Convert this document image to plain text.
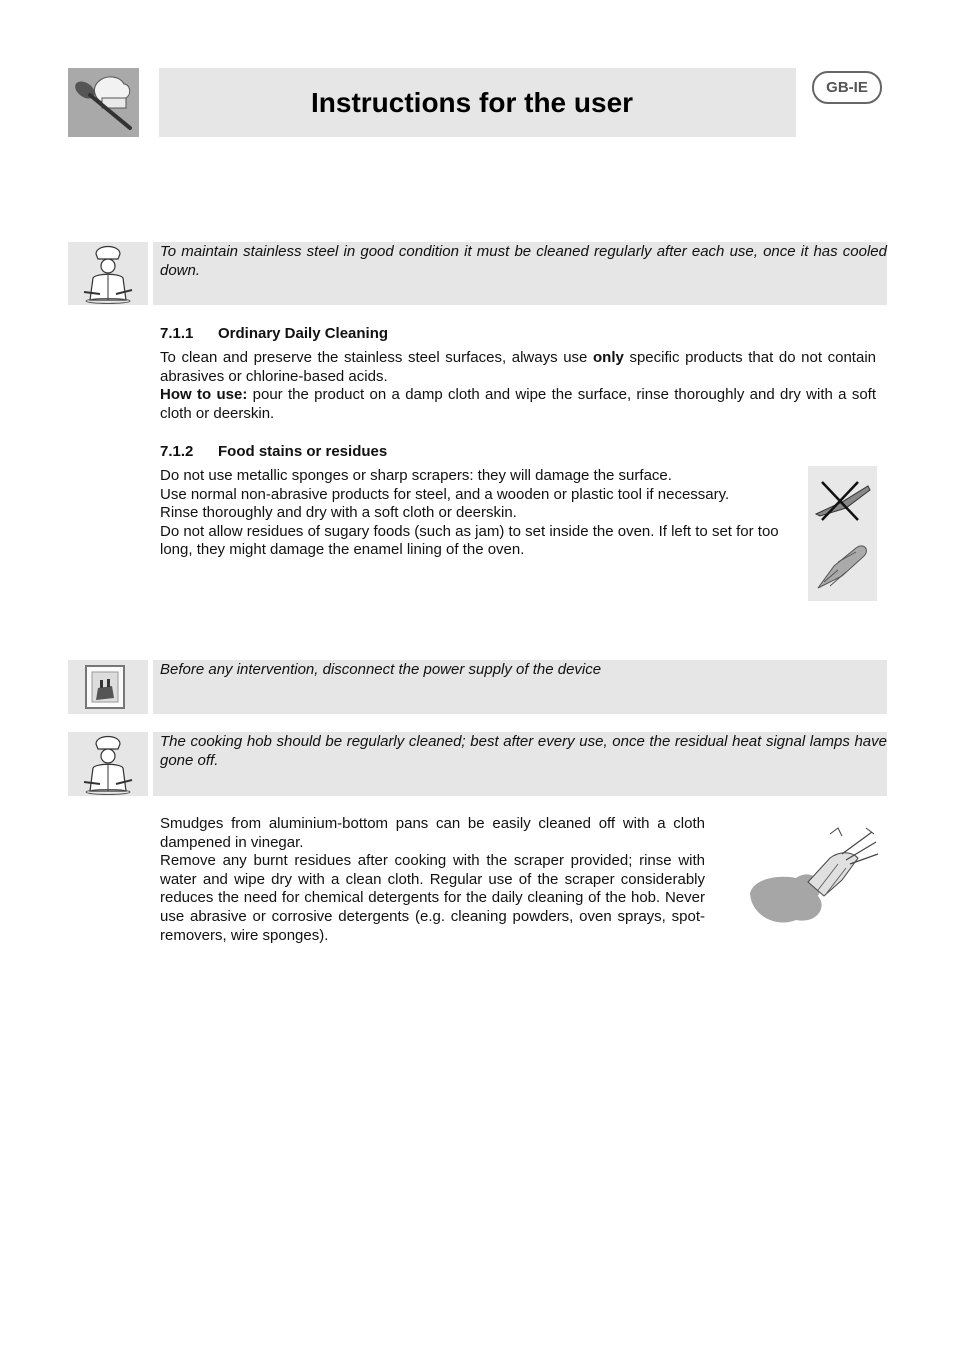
Instructions for the user	GB-IE

To maintain stainless steel in good condition it must be cleaned regularly after each use, once it has cooled down.

7.1.1 Ordinary Daily Cleaning

To clean and preserve the stainless steel surfaces, always use only specific products that do not contain abrasives or chlorine-based acids.

How to use: pour the product on a damp cloth and wipe the surface, rinse thoroughly and dry with a soft cloth or deerskin.

7.1.2 Food stains or residues

Do not use metallic sponges or sharp scrapers: they will damage the surface.

Use normal non-abrasive products for steel, and a wooden or plastic tool if necessary.

Rinse thoroughly and dry with a soft cloth or deerskin.

Do not allow residues of sugary foods (such as jam) to set inside the oven. If left to set for too long, they might damage the enamel lining of the oven.

Before any intervention, disconnect the power supply of the device

The cooking hob should be regularly cleaned; best after every use, once the residual heat signal lamps have gone off.

Smudges from aluminium-bottom pans can be easily cleaned off with a cloth dampened in vinegar.

Remove any burnt residues after cooking with the scraper provided; rinse with water and wipe dry with a clean cloth. Regular use of the scraper considerably reduces the need for chemical detergents for the daily cleaning of the hob. Never use abrasive or corrosive detergents (e.g. cleaning powders, oven sprays, spot-removers, wire sponges).
